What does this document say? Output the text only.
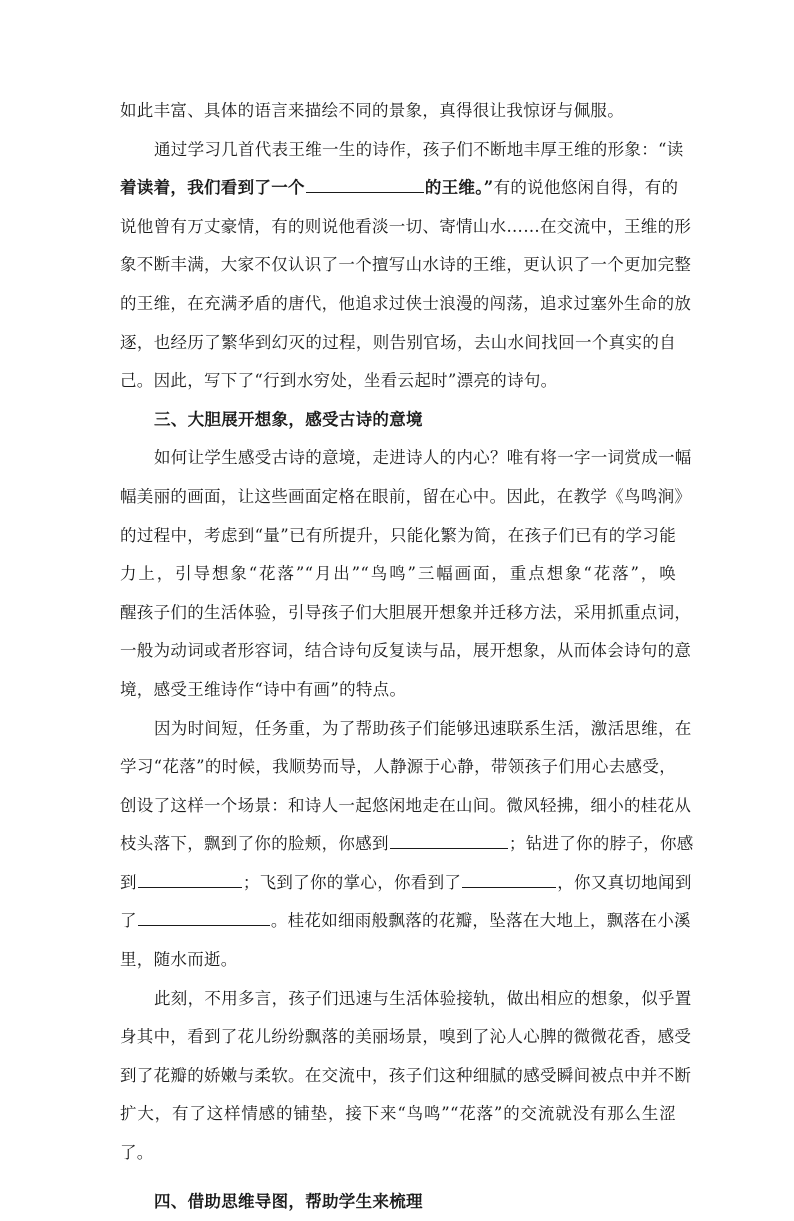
如此丰富、具体的语言来描绘不同的景象，真得很让我惊讶与佩服。
通过学习几首代表王维一生的诗作，孩子们不断地丰厚王维的形象：“读
着读着，我们看到了一个	的王维。”有的说他悠闲自得，有的
说他曾有万丈豪情，有的则说他看淡一切、寄情山水……在交流中，王维的形
象不断丰满，大家不仅认识了一个擅写山水诗的王维，更认识了一个更加完整
的王维，在充满矛盾的唐代，他追求过侠士浪漫的闯荡，追求过塞外生命的放
逐，也经历了繁华到幻灭的过程，则告别官场，去山水间找回一个真实的自
己。因此，写下了“行到水穷处，坐看云起时”漂亮的诗句。
三、大胆展开想象，感受古诗的意境
如何让学生感受古诗的意境，走进诗人的内心？唯有将一字一词赏成一幅
幅美丽的画面，让这些画面定格在眼前，留在心中。因此，在教学《鸟鸣涧》
的过程中，考虑到“量”已有所提升，只能化繁为简，在孩子们已有的学习能
力上，引导想象“花落”“月出”“鸟鸣”三幅画面，重点想象“花落”，唤
醒孩子们的生活体验，引导孩子们大胆展开想象并迁移方法，采用抓重点词，
一般为动词或者形容词，结合诗句反复读与品，展开想象，从而体会诗句的意
境，感受王维诗作“诗中有画”的特点。
因为时间短，任务重，为了帮助孩子们能够迅速联系生活，激活思维，在
学习“花落”的时候，我顺势而导，人静源于心静，带领孩子们用心去感受，
创设了这样一个场景：和诗人一起悠闲地走在山间。微风轻拂，细小的桂花从
枝头落下，飘到了你的脸颊，你感到	；钻进了你的脖子，你感
到	；飞到了你的掌心，你看到了	，你又真切地闻到
了	。桂花如细雨般飘落的花瓣，坠落在大地上，飘落在小溪
里，随水而逝。
此刻，不用多言，孩子们迅速与生活体验接轨，做出相应的想象，似乎置
身其中，看到了花儿纷纷飘落的美丽场景，嗅到了沁人心脾的微微花香，感受
到了花瓣的娇嫩与柔软。在交流中，孩子们这种细腻的感受瞬间被点中并不断
扩大，有了这样情感的铺垫，接下来“鸟鸣”“花落”的交流就没有那么生涩
了。
四、借助思维导图，帮助学生来梳理
